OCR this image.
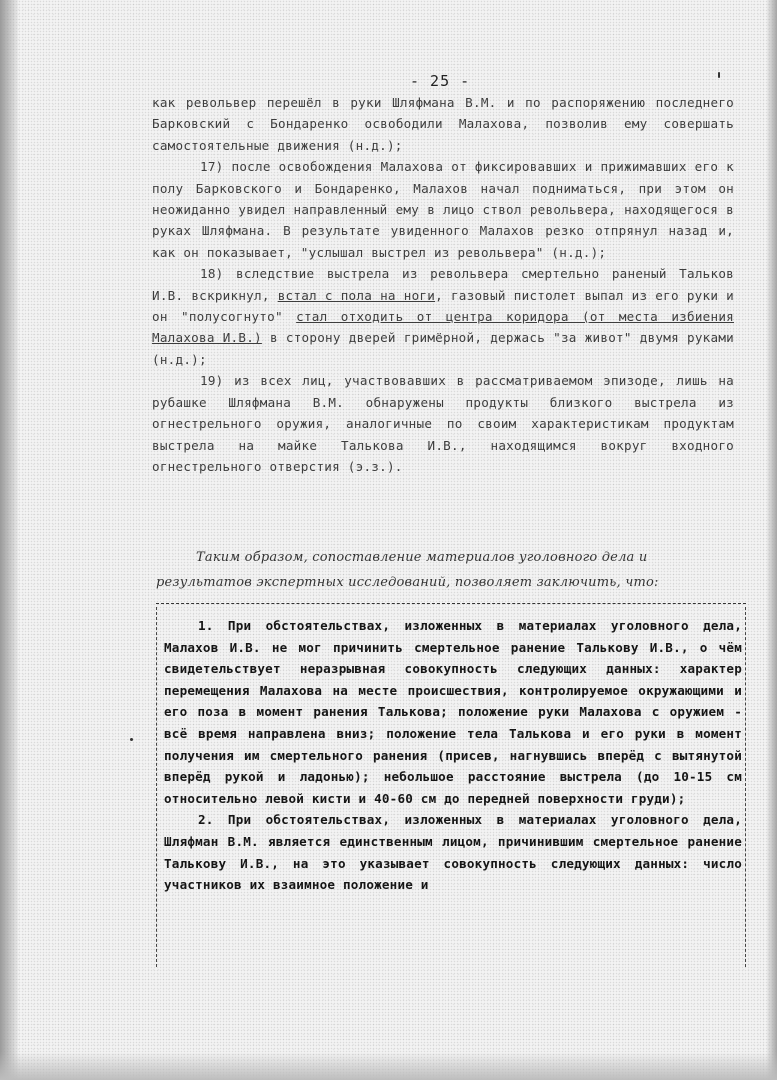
- 25 -

как револьвер перешёл в руки Шляфмана В.М. и по распоряжению последнего Барковский с Бондаренко освободили Малахова, позволив ему совершать самостоятельные движения (н.д.);

17) после освобождения Малахова от фиксировавших и прижимавших его к полу Барковского и Бондаренко, Малахов начал подниматься, при этом он неожиданно увидел направленный ему в лицо ствол револьвера, находящегося в руках Шляфмана. В результате увиденного Малахов резко отпрянул назад и, как он показывает, "услышал выстрел из револьвера" (н.д.);

18) вследствие выстрела из револьвера смертельно раненый Тальков И.В. вскрикнул, встал с пола на ноги, газовый пистолет выпал из его руки и он "полусогнуто" стал отходить от центра коридора (от места избиения Малахова И.В.) в сторону дверей гримёрной, держась "за живот" двумя руками (н.д.);

19) из всех лиц, участвовавших в рассматриваемом эпизоде, лишь на рубашке Шляфмана В.М. обнаружены продукты близкого выстрела из огнестрельного оружия, аналогичные по своим характеристикам продуктам выстрела на майке Талькова И.В., находящимся вокруг входного огнестрельного отверстия (э.з.).

Таким образом, сопоставление материалов уголовного дела и результатов экспертных исследований, позволяет заключить, что:

1. При обстоятельствах, изложенных в материалах уголовного дела, Малахов И.В. не мог причинить смертельное ранение Талькову И.В., о чём свидетельствует неразрывная совокупность следующих данных: характер перемещения Малахова на месте происшествия, контролируемое окружающими и его поза в момент ранения Талькова; положение руки Малахова с оружием - всё время направлена вниз; положение тела Талькова и его руки в момент получения им смертельного ранения (присев, нагнувшись вперёд с вытянутой вперёд рукой и ладонью); небольшое расстояние выстрела (до 10-15 см относительно левой кисти и 40-60 см до передней поверхности груди);

2. При обстоятельствах, изложенных в материалах уголовного дела, Шляфман В.М. является единственным лицом, причинившим смертельное ранение Талькову И.В., на это указывает совокупность следующих данных: число участников их взаимное положение и
